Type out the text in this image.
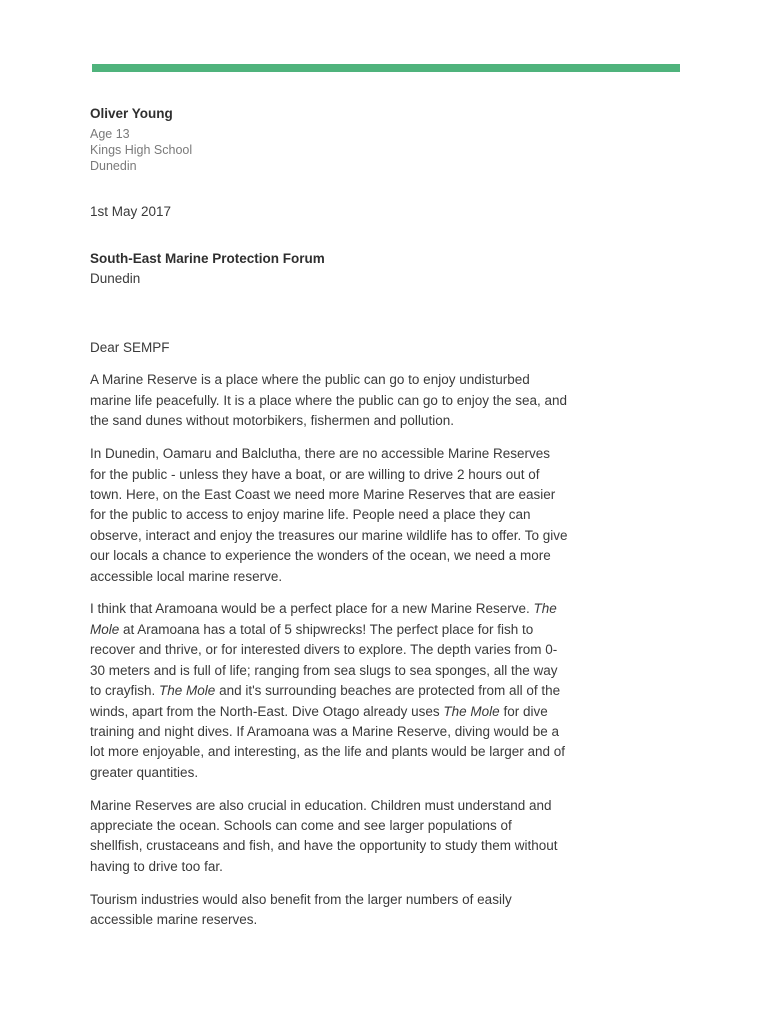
Oliver Young
Age 13
Kings High School
Dunedin
1st May 2017
South-East Marine Protection Forum
Dunedin

Dear SEMPF

A Marine Reserve is a place where the public can go to enjoy undisturbed marine life peacefully. It is a place where the public can go to enjoy the sea, and the sand dunes without motorbikers, fishermen and pollution.

In Dunedin, Oamaru and Balclutha, there are no accessible Marine Reserves for the public - unless they have a boat, or are willing to drive 2 hours out of town. Here, on the East Coast we need more Marine Reserves that are easier for the public to access to enjoy marine life. People need a place they can observe, interact and enjoy the treasures our marine wildlife has to offer. To give our locals a chance to experience the wonders of the ocean, we need a more accessible local marine reserve.

I think that Aramoana would be a perfect place for a new Marine Reserve. The Mole at Aramoana has a total of 5 shipwrecks! The perfect place for fish to recover and thrive, or for interested divers to explore. The depth varies from 0-30 meters and is full of life; ranging from sea slugs to sea sponges, all the way to crayfish. The Mole and it's surrounding beaches are protected from all of the winds, apart from the North-East. Dive Otago already uses The Mole for dive training and night dives. If Aramoana was a Marine Reserve, diving would be a lot more enjoyable, and interesting, as the life and plants would be larger and of greater quantities.

Marine Reserves are also crucial in education. Children must understand and appreciate the ocean. Schools can come and see larger populations of shellfish, crustaceans and fish, and have the opportunity to study them without having to drive too far.

Tourism industries would also benefit from the larger numbers of easily accessible marine reserves.
